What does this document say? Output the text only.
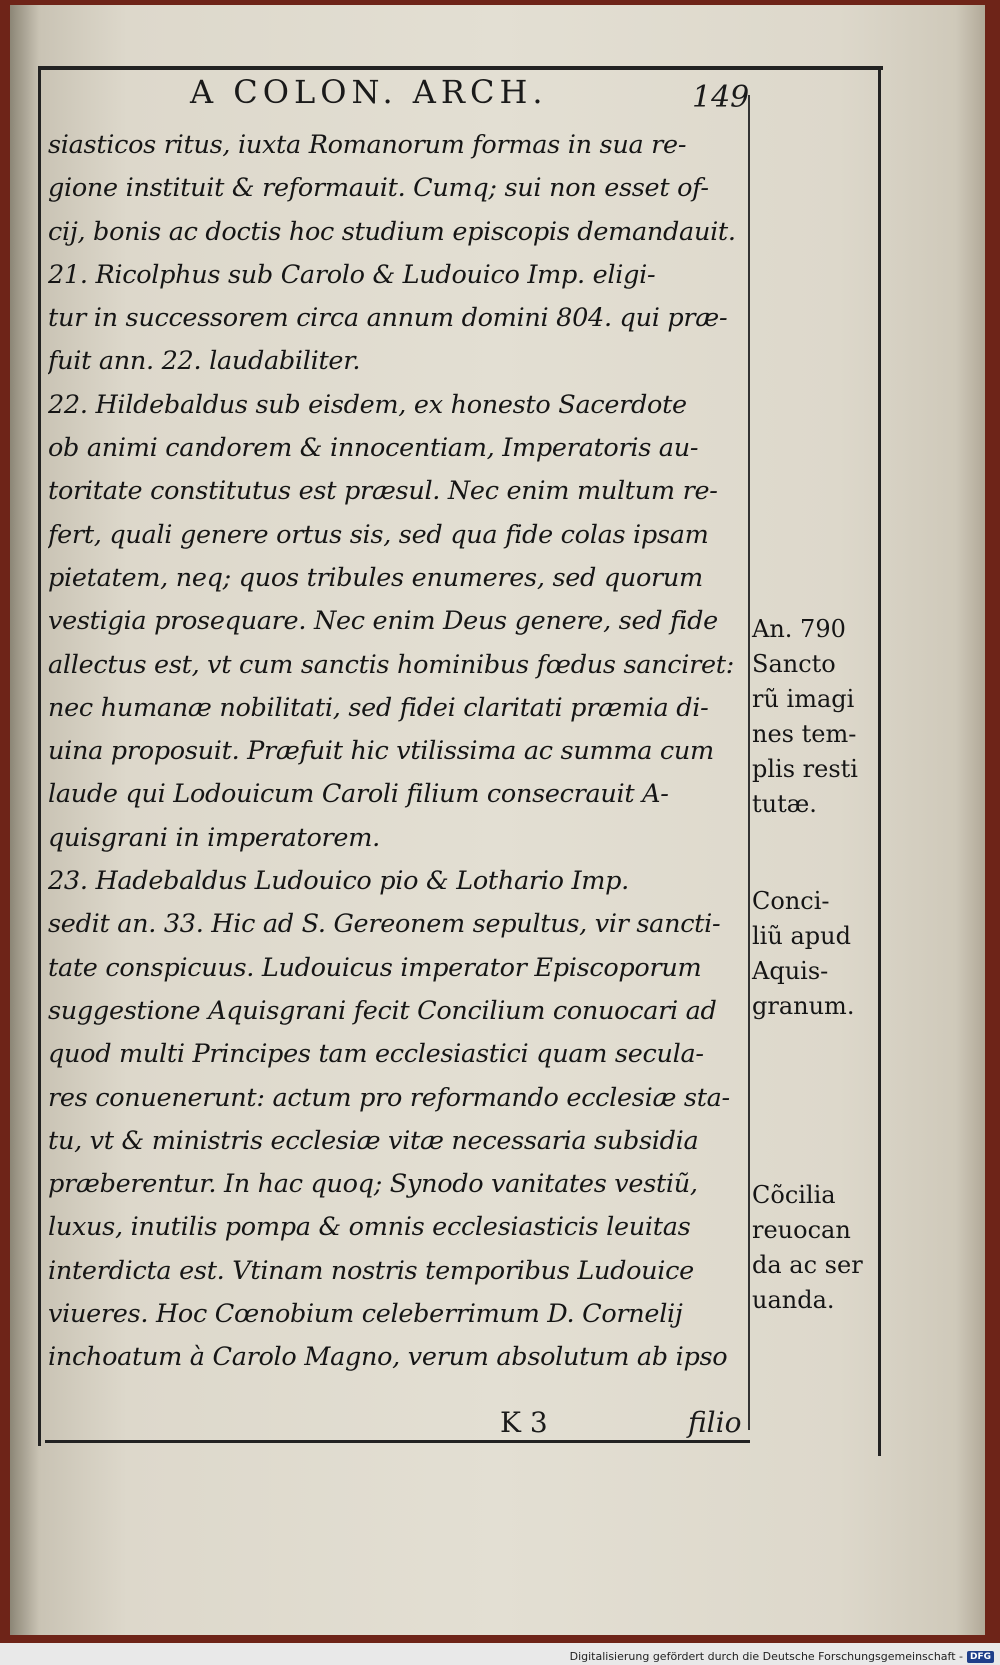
A COLON. ARCH.	149
siasticos ritus, iuxta Romanorum formas in sua re-
gione instituit & reformauit. Cumq; sui non esset of-
cij, bonis ac doctis hoc studium episcopis demandauit.
21. Ricolphus sub Carolo & Ludouico Imp. eligi-
tur in successorem circa annum domini 804. qui præ-
fuit ann. 22. laudabiliter.
22. Hildebaldus sub eisdem, ex honesto Sacerdote
ob animi candorem & innocentiam, Imperatoris au-
toritate constitutus est præsul. Nec enim multum re-
fert, quali genere ortus sis, sed qua fide colas ipsam
pietatem, neq; quos tribules enumeres, sed quorum
vestigia prosequare. Nec enim Deus genere, sed fide
allectus est, vt cum sanctis hominibus fœdus sanciret:
nec humanæ nobilitati, sed fidei claritati præmia di-
uina proposuit. Præfuit hic vtilissima ac summa cum
laude qui Lodouicum Caroli filium consecrauit A-
quisgrani in imperatorem.
23. Hadebaldus Ludouico pio & Lothario Imp.
sedit an. 33. Hic ad S. Gereonem sepultus, vir sancti-
tate conspicuus. Ludouicus imperator Episcoporum
suggestione Aquisgrani fecit Concilium conuocari ad
quod multi Principes tam ecclesiastici quam secula-
res conuenerunt: actum pro reformando ecclesiæ sta-
tu, vt & ministris ecclesiæ vitæ necessaria subsidia
præberentur. In hac quoq; Synodo vanitates vestiũ,
luxus, inutilis pompa & omnis ecclesiasticis leuitas
interdicta est. Vtinam nostris temporibus Ludouice
viueres. Hoc Cœnobium celeberrimum D. Cornelij
inchoatum à Carolo Magno, verum absolutum ab ipso
An. 790
Sancto
rũ imagi
nes tem-
plis resti
tutæ.
Conci-
liũ apud
Aquis-
granum.
Cõcilia
reuocan
da ac ser
uanda.
K 3	filio
Digitalisierung gefördert durch die Deutsche Forschungsgemeinschaft - DFG
